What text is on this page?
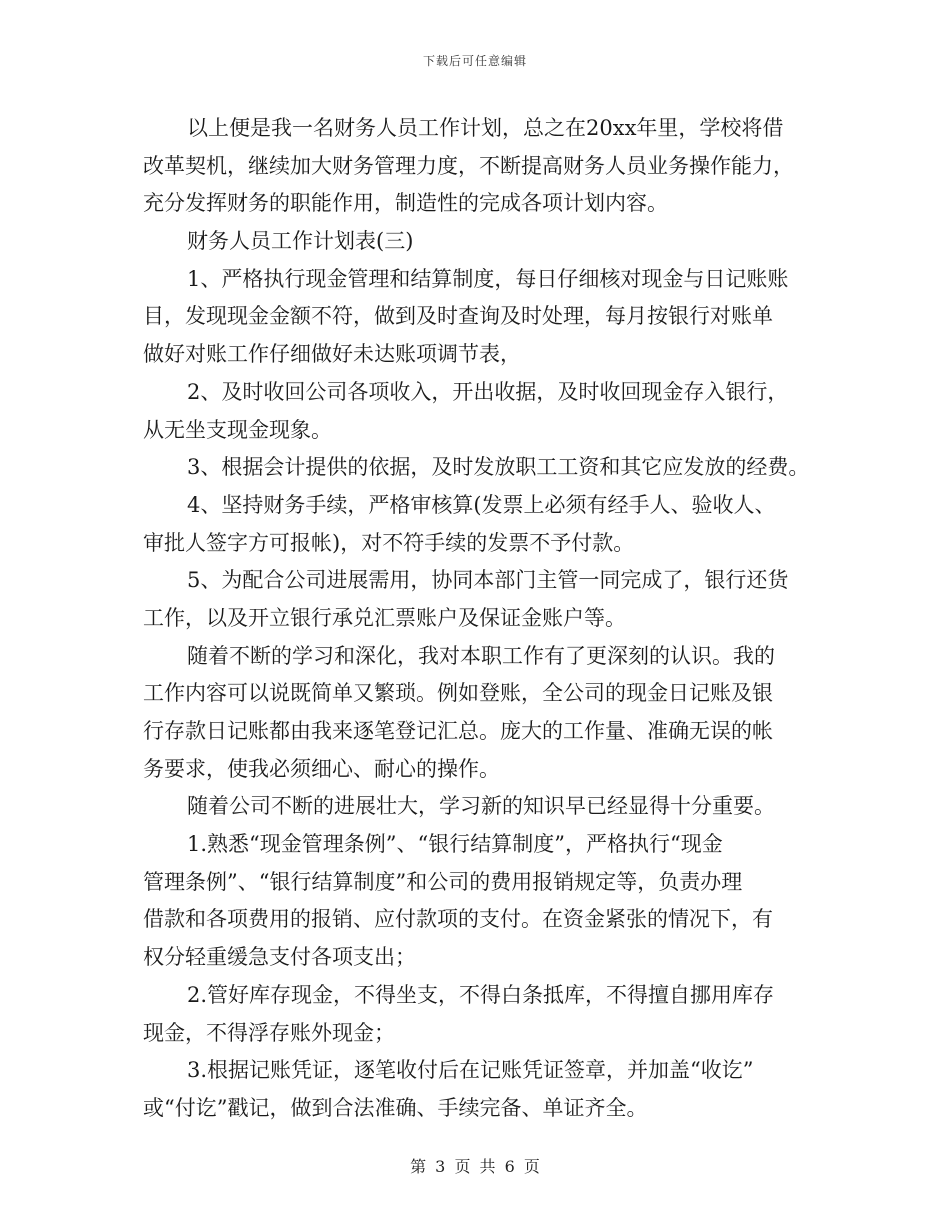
下载后可任意编辑
以上便是我一名财务人员工作计划，总之在20xx年里，学校将借
改革契机，继续加大财务管理力度，不断提高财务人员业务操作能力，
充分发挥财务的职能作用，制造性的完成各项计划内容。
财务人员工作计划表(三)
1、严格执行现金管理和结算制度，每日仔细核对现金与日记账账
目，发现现金金额不符，做到及时查询及时处理，每月按银行对账单
做好对账工作仔细做好未达账项调节表，
2、及时收回公司各项收入，开出收据，及时收回现金存入银行，
从无坐支现金现象。
3、根据会计提供的依据，及时发放职工工资和其它应发放的经费。
4、坚持财务手续，严格审核算(发票上必须有经手人、验收人、
审批人签字方可报帐)，对不符手续的发票不予付款。
5、为配合公司进展需用，协同本部门主管一同完成了，银行还货
工作，以及开立银行承兑汇票账户及保证金账户等。
随着不断的学习和深化，我对本职工作有了更深刻的认识。我的
工作内容可以说既简单又繁琐。例如登账，全公司的现金日记账及银
行存款日记账都由我来逐笔登记汇总。庞大的工作量、准确无误的帐
务要求，使我必须细心、耐心的操作。
随着公司不断的进展壮大，学习新的知识早已经显得十分重要。
1.熟悉“现金管理条例”、“银行结算制度”，严格执行“现金
管理条例”、“银行结算制度”和公司的费用报销规定等，负责办理
借款和各项费用的报销、应付款项的支付。在资金紧张的情况下，有
权分轻重缓急支付各项支出；
2.管好库存现金，不得坐支，不得白条抵库，不得擅自挪用库存
现金，不得浮存账外现金；
3.根据记账凭证，逐笔收付后在记账凭证签章，并加盖“收讫”
或“付讫”戳记，做到合法准确、手续完备、单证齐全。
第 3 页 共 6 页
